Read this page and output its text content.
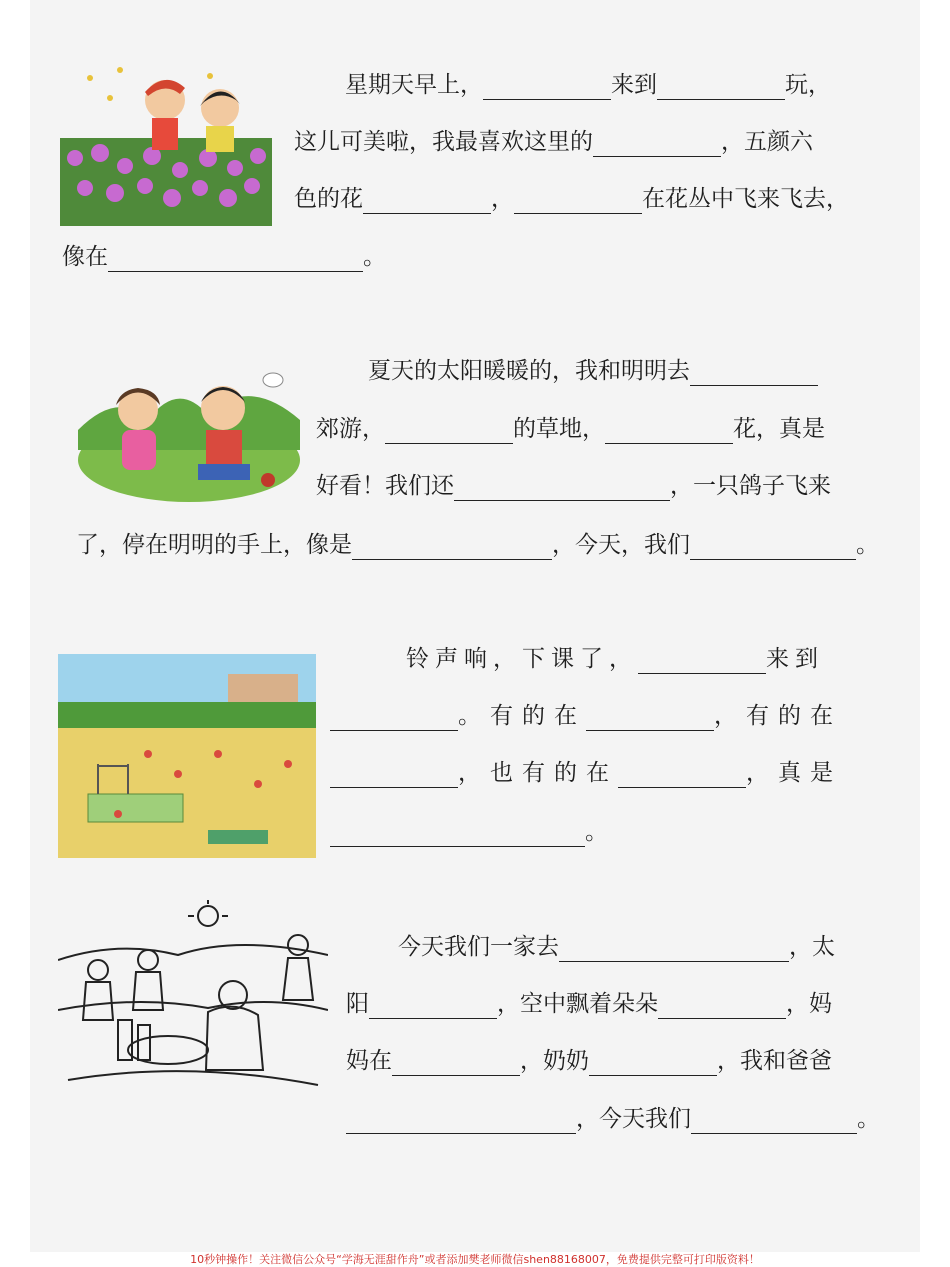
星期天早上，	来到	玩，
这儿可美啦，我最喜欢这里的	，五颜六
色的花	，	在花丛中飞来飞去，
像在	。
夏天的太阳暖暖的，我和明明去
郊游，	的草地，	花，真是
好看！我们还	，一只鸽子飞来
了，停在明明的手上，像是	，今天，我们	。
铃声响，下课了，	来到
。有的在	，有的在
，也有的在	，真是
。
今天我们一家去	，太
阳	，空中飘着朵朵	，妈
妈在	，奶奶	，我和爸爸
，今天我们	。
10秒钟操作！关注微信公众号“学海无涯甜作舟”或者添加樊老师微信shen88168007，免费提供完整可打印版资料！
